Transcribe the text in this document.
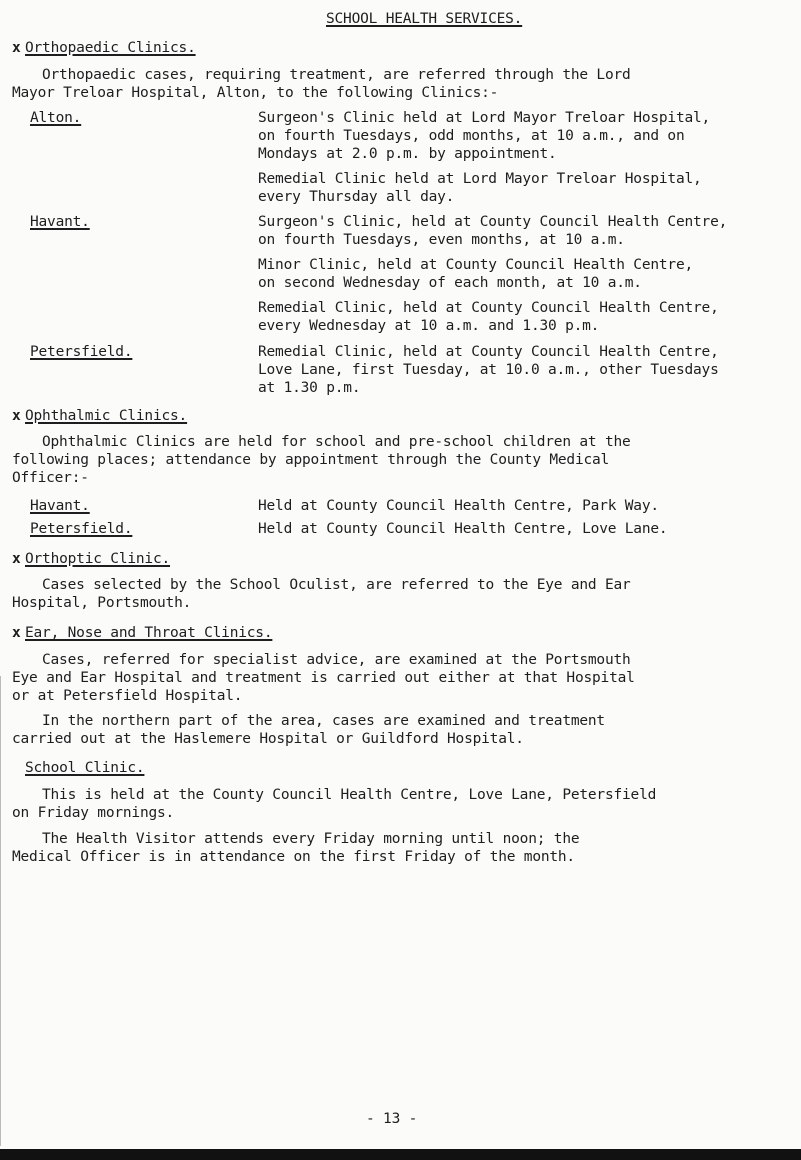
SCHOOL HEALTH SERVICES.
x Orthopaedic Clinics.
Orthopaedic cases, requiring treatment, are referred through the Lord
Mayor Treloar Hospital, Alton, to the following Clinics:-
Alton.	Surgeon's Clinic held at Lord Mayor Treloar Hospital,
on fourth Tuesdays, odd months, at 10 a.m., and on
Mondays at 2.0 p.m. by appointment.
Remedial Clinic held at Lord Mayor Treloar Hospital,
every Thursday all day.
Havant.	Surgeon's Clinic, held at County Council Health Centre,
on fourth Tuesdays, even months, at 10 a.m.
Minor Clinic, held at County Council Health Centre,
on second Wednesday of each month, at 10 a.m.
Remedial Clinic, held at County Council Health Centre,
every Wednesday at 10 a.m. and 1.30 p.m.
Petersfield.	Remedial Clinic, held at County Council Health Centre,
Love Lane, first Tuesday, at 10.0 a.m., other Tuesdays
at 1.30 p.m.
x Ophthalmic Clinics.
Ophthalmic Clinics are held for school and pre-school children at the
following places; attendance by appointment through the County Medical
Officer:-
Havant.	Held at County Council Health Centre, Park Way.
Petersfield.	Held at County Council Health Centre, Love Lane.
x Orthoptic Clinic.
Cases selected by the School Oculist, are referred to the Eye and Ear
Hospital, Portsmouth.
x Ear, Nose and Throat Clinics.
Cases, referred for specialist advice, are examined at the Portsmouth
Eye and Ear Hospital and treatment is carried out either at that Hospital
or at Petersfield Hospital.
In the northern part of the area, cases are examined and treatment
carried out at the Haslemere Hospital or Guildford Hospital.
School Clinic.
This is held at the County Council Health Centre, Love Lane, Petersfield
on Friday mornings.
The Health Visitor attends every Friday morning until noon; the
Medical Officer is in attendance on the first Friday of the month.
- 13 -
